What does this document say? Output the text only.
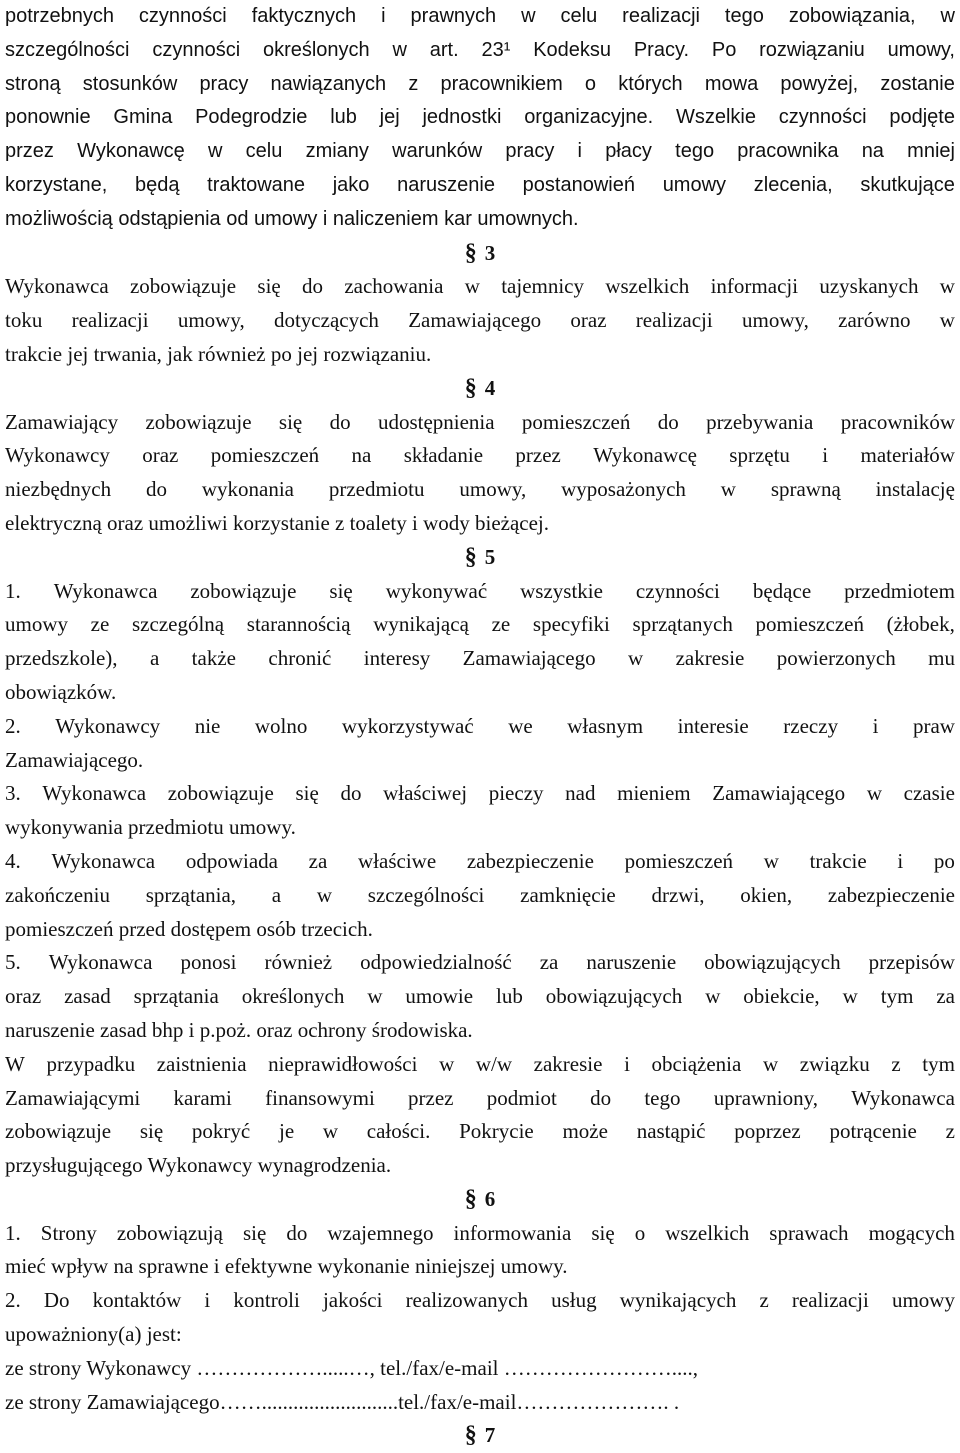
potrzebnych czynności faktycznych i prawnych w celu realizacji tego zobowiązania, w
szczególności czynności określonych w art. 23¹ Kodeksu Pracy. Po rozwiązaniu umowy,
stroną stosunków pracy nawiązanych z pracownikiem o których mowa powyżej, zostanie
ponownie Gmina Podegrodzie lub jej jednostki organizacyjne. Wszelkie czynności podjęte
przez Wykonawcę w celu zmiany warunków pracy i płacy tego pracownika na mniej
korzystane, będą traktowane jako naruszenie postanowień umowy zlecenia, skutkujące
możliwością odstąpienia od umowy i naliczeniem kar umownych.
§ 3
Wykonawca zobowiązuje się do zachowania w tajemnicy wszelkich informacji uzyskanych w
toku realizacji umowy, dotyczących Zamawiającego oraz realizacji umowy, zarówno w
trakcie jej trwania, jak również po jej rozwiązaniu.
§ 4
Zamawiający zobowiązuje się do udostępnienia pomieszczeń do przebywania pracowników
Wykonawcy oraz pomieszczeń na składanie przez Wykonawcę sprzętu i materiałów
niezbędnych do wykonania przedmiotu umowy, wyposażonych w sprawną instalację
elektryczną oraz umożliwi korzystanie z toalety i wody bieżącej.
§ 5
1. Wykonawca zobowiązuje się wykonywać wszystkie czynności będące przedmiotem
umowy ze szczególną starannością wynikającą ze specyfiki sprzątanych pomieszczeń (żłobek,
przedszkole), a także chronić interesy Zamawiającego w zakresie powierzonych mu
obowiązków.
2. Wykonawcy nie wolno wykorzystywać we własnym interesie rzeczy i praw
Zamawiającego.
3. Wykonawca zobowiązuje się do właściwej pieczy nad mieniem Zamawiającego w czasie
wykonywania przedmiotu umowy.
4. Wykonawca odpowiada za właściwe zabezpieczenie pomieszczeń w trakcie i po
zakończeniu sprzątania, a w szczególności zamknięcie drzwi, okien, zabezpieczenie
pomieszczeń przed dostępem osób trzecich.
5. Wykonawca ponosi również odpowiedzialność za naruszenie obowiązujących przepisów
oraz zasad sprzątania określonych w umowie lub obowiązujących w obiekcie, w tym za
naruszenie zasad bhp i p.poż. oraz ochrony środowiska.
W przypadku zaistnienia nieprawidłowości w w/w zakresie i obciążenia w związku z tym
Zamawiającymi karami finansowymi przez podmiot do tego uprawniony, Wykonawca
zobowiązuje się pokryć je w całości. Pokrycie może nastąpić poprzez potrącenie z
przysługującego Wykonawcy wynagrodzenia.
§ 6
1. Strony zobowiązują się do wzajemnego informowania się o wszelkich sprawach mogących
mieć wpływ na sprawne i efektywne wykonanie niniejszej umowy.
2. Do kontaktów i kontroli jakości realizowanych usług wynikających z realizacji umowy
upoważniony(a) jest:
ze strony Wykonawcy ……………….....…, tel./fax/e-mail ……………………....,
ze strony Zamawiającego……..........................tel./fax/e-mail…………………. .
§ 7
